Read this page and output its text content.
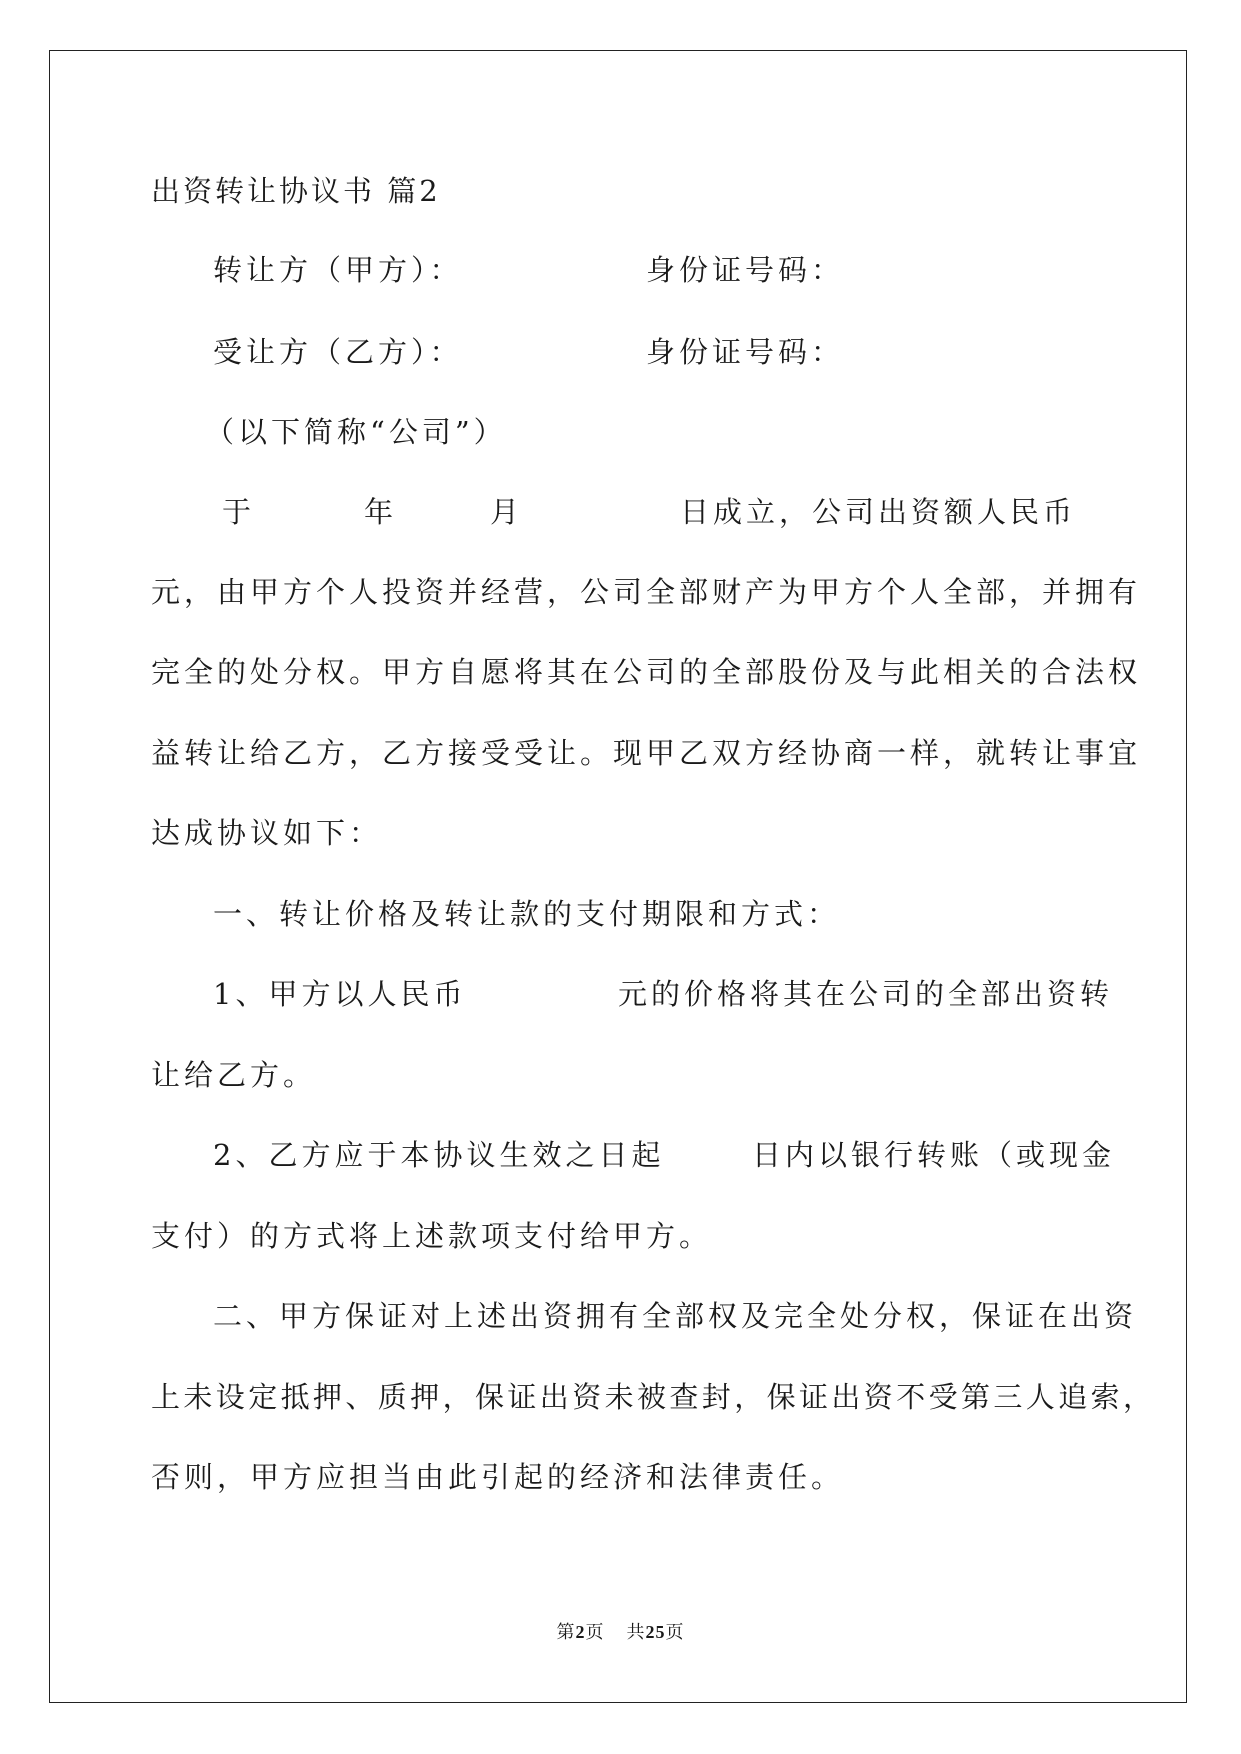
出资转让协议书 篇2
转让方（甲方）：	身份证号码：
受让方（乙方）：	身份证号码：
（以下简称“公司”）
于	年	月	日成立，公司出资额人民币
元，由甲方个人投资并经营，公司全部财产为甲方个人全部，并拥有
完全的处分权。甲方自愿将其在公司的全部股份及与此相关的合法权
益转让给乙方，乙方接受受让。现甲乙双方经协商一样，就转让事宜
达成协议如下：
一、转让价格及转让款的支付期限和方式：
1、甲方以人民币	元的价格将其在公司的全部出资转
让给乙方。
2、乙方应于本协议生效之日起	日内以银行转账（或现金
支付）的方式将上述款项支付给甲方。
二、甲方保证对上述出资拥有全部权及完全处分权，保证在出资
上未设定抵押、质押，保证出资未被查封，保证出资不受第三人追索，
否则，甲方应担当由此引起的经济和法律责任。
第2页 共25页
